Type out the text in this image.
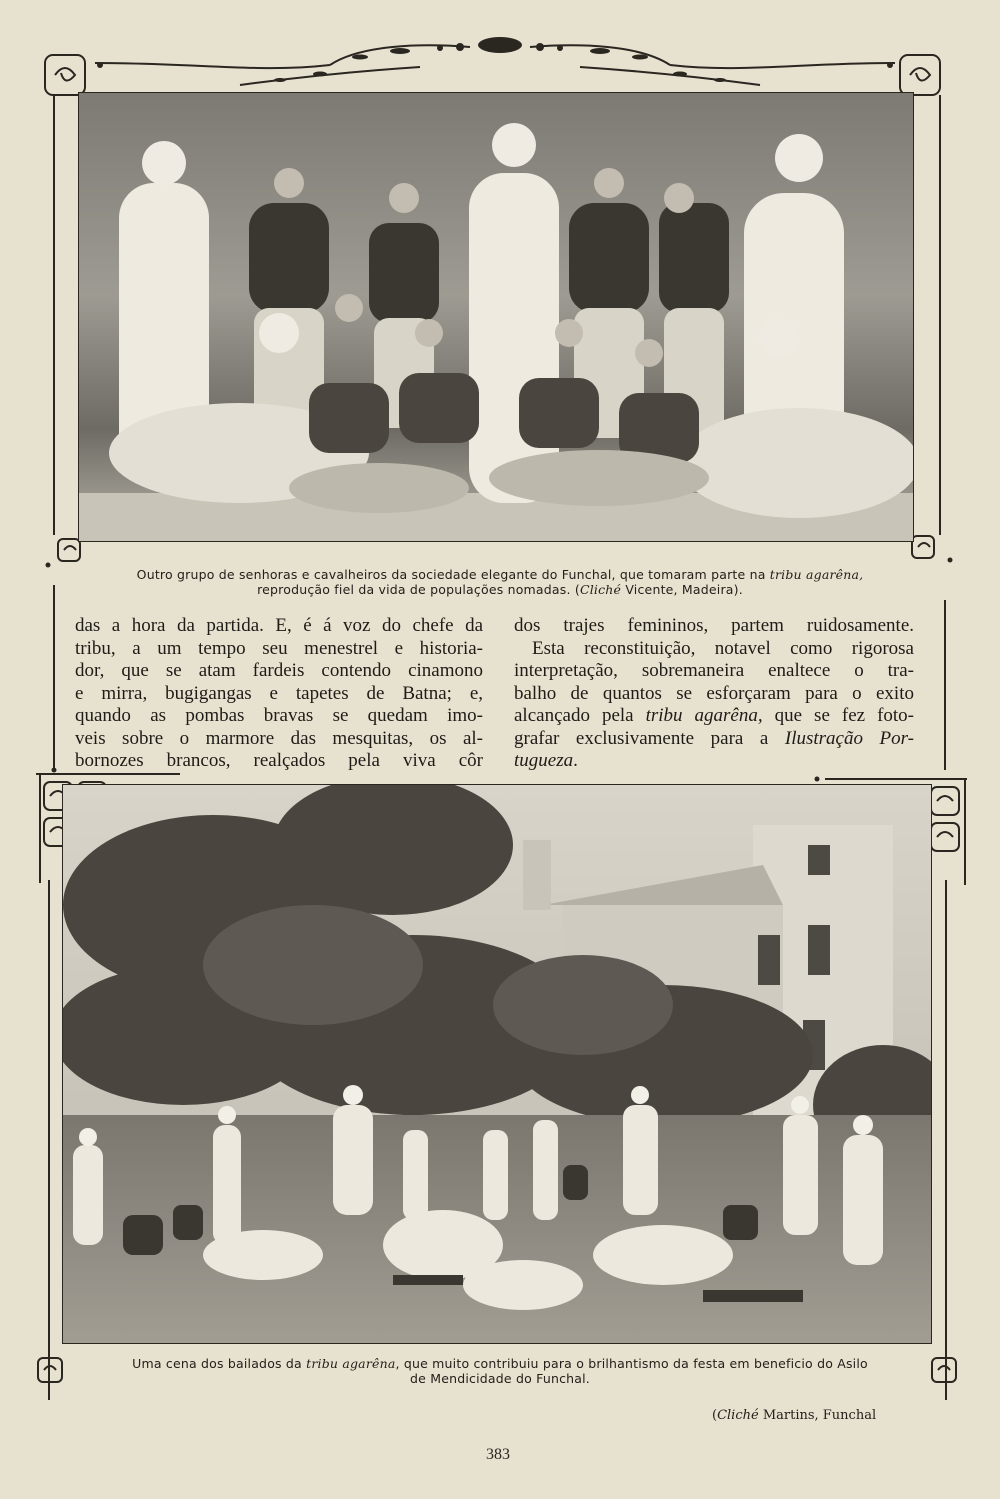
Outro grupo de senhoras e cavalheiros da sociedade elegante do Funchal, que tomaram parte na tribu agarêna,
reprodução fiel da vida de populações nomadas. (Cliché Vicente, Madeira).
das a hora da partida. E, é á voz do chefe da
tribu, a um tempo seu menestrel e historia-
dor, que se atam fardeis contendo cinamono
e mirra, bugigangas e tapetes de Batna; e,
quando as pombas bravas se quedam imo-
veis sobre o marmore das mesquitas, os al-
bornozes brancos, realçados pela viva côr
dos trajes femininos, partem ruidosamente.
Esta reconstituição, notavel como rigorosa
interpretação, sobremaneira enaltece o tra-
balho de quantos se esforçaram para o exito
alcançado pela tribu agarêna, que se fez foto-
grafar exclusivamente para a Ilustração Por-
tugueza.
Uma cena dos bailados da tribu agarêna, que muito contribuiu para o brilhantismo da festa em beneficio do Asilo
de Mendicidade do Funchal.
(Cliché Martins, Funchal
383
